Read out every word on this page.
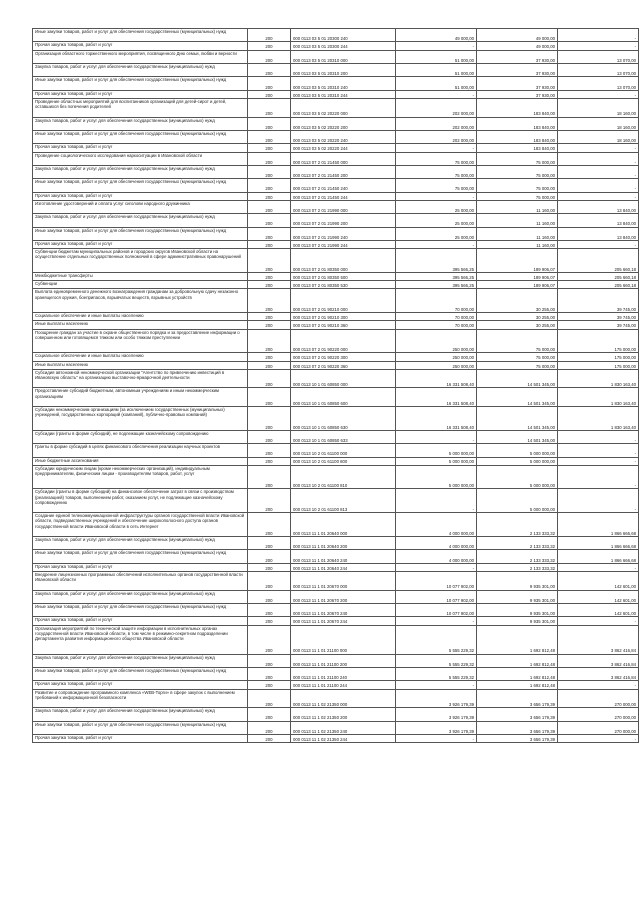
Иные закупки товаров, работ и услуг для обеспечения государственных (муниципальных) нужд	200	000 0113 03 5 01 20300 240	49 000,00	49 000,00	-
Прочая закупка товаров, работ и услуг	200	000 0113 03 5 01 20300 244	-	49 000,00	-
Организация областного торжественного мероприятия, посвященного Дню семьи, любви и верности	200	000 0113 03 5 01 20310 000	51 000,00	37 930,00	13 070,00
Закупка товаров, работ и услуг для обеспечения государственных (муниципальных) нужд	200	000 0113 03 5 01 20310 200	51 000,00	37 930,00	13 070,00
Иные закупки товаров, работ и услуг для обеспечения государственных (муниципальных) нужд	200	000 0113 03 5 01 20310 240	51 000,00	37 930,00	13 070,00
Прочая закупка товаров, работ и услуг	200	000 0113 03 5 01 20310 244	-	37 930,00	-
Проведение областных мероприятий для воспитанников организаций для детей-сирот и детей, оставшихся без попечения родителей	200	000 0113 03 5 02 20220 000	202 000,00	183 840,00	18 160,00
Закупка товаров, работ и услуг для обеспечения государственных (муниципальных) нужд	200	000 0113 03 5 02 20220 200	202 000,00	183 840,00	18 160,00
Иные закупки товаров, работ и услуг для обеспечения государственных (муниципальных) нужд	200	000 0113 03 5 02 20220 240	202 000,00	183 840,00	18 160,00
Прочая закупка товаров, работ и услуг	200	000 0113 03 5 02 20220 244	-	183 840,00	-
Проведение социологического исследования наркоситуации в Ивановской области	200	000 0113 07 2 01 21450 000	75 000,00	75 000,00	-
Закупка товаров, работ и услуг для обеспечения государственных (муниципальных) нужд	200	000 0113 07 2 01 21450 200	75 000,00	75 000,00	-
Иные закупки товаров, работ и услуг для обеспечения государственных (муниципальных) нужд	200	000 0113 07 2 01 21450 240	75 000,00	75 000,00	-
Прочая закупка товаров, работ и услуг	200	000 0113 07 2 01 21450 244	-	75 000,00	-
Изготовление удостоверений и оплата услуг сиголови народного дружинника	200	000 0113 07 2 01 21990 000	25 000,00	11 160,00	13 840,00
Закупка товаров, работ и услуг для обеспечения государственных (муниципальных) нужд	200	000 0113 07 2 01 21990 200	25 000,00	11 160,00	13 840,00
Иные закупки товаров, работ и услуг для обеспечения государственных (муниципальных) нужд	200	000 0113 07 2 01 21990 240	25 000,00	11 160,00	13 840,00
Прочая закупка товаров, работ и услуг	200	000 0113 07 2 01 21990 244	-	11 160,00	-
Субвенции бюджетам муниципальных районов и городских округов Ивановской области на осуществление отдельных государственных полномочий в сфере административных правонарушений	200	000 0113 07 2 01 80350 000	395 566,25	189 906,07	205 660,18
Межбюджетные трансферты	200	000 0113 07 2 01 80350 500	395 566,25	189 906,07	205 660,18
Субвенции	200	000 0113 07 2 01 80350 530	395 566,25	189 906,07	205 660,18
Выплата единовременного денежного вознаграждения гражданам за добровольную сдачу незаконно хранящегося оружия, боеприпасов, взрывчатых веществ, взрывных устройств	200	000 0113 07 2 01 90210 000	70 000,00	30 255,00	39 745,00
Социальное обеспечение и иные выплаты населению	200	000 0113 07 2 01 90210 300	70 000,00	30 255,00	39 745,00
Иные выплаты населению	200	000 0113 07 2 01 90210 360	70 000,00	30 255,00	39 745,00
Поощрение граждан за участие в охране общественного порядка и за предоставление информации о совершенном или готовящемся тяжком или особо тяжком преступлении	200	000 0113 07 2 01 90220 000	250 000,00	75 000,00	175 000,00
Социальное обеспечение и иные выплаты населению	200	000 0113 07 2 01 90220 300	250 000,00	75 000,00	175 000,00
Иные выплаты населению	200	000 0113 07 2 01 90220 360	250 000,00	75 000,00	175 000,00
Субсидия автономной некоммерческой организации "Агентство по привлечению инвестиций в Ивановскую область" на организацию выставочно-ярмарочной деятельности	200	000 0113 10 1 01 60850 000	16 331 508,40	14 501 345,00	1 830 163,40
Предоставление субсидий бюджетным, автономным учреждениям и иным некоммерческим организациям	200	000 0113 10 1 01 60850 600	16 331 508,40	14 501 345,00	1 830 163,40
Субсидии некоммерческим организациям (за исключением государственных (муниципальных) учреждений, государственных корпораций (компаний), публично-правовых компаний)	200	000 0113 10 1 01 60850 630	16 331 508,40	14 501 345,00	1 830 163,40
Субсидии (гранты в форме субсидий), не подлежащие казначейскому сопровождению	200	000 0113 10 1 01 60850 633	-	14 501 345,00	-
Гранты в форме субсидий в целях финансового обеспечения реализации научных проектов	200	000 0113 10 2 01 61100 000	5 000 000,00	5 000 000,00	-
Иные бюджетные ассигнования	200	000 0113 10 2 01 61100 800	5 000 000,00	5 000 000,00	-
Субсидии юридическим лицам (кроме некоммерческих организаций), индивидуальным предпринимателям, физическим лицам - производителям товаров, работ, услуг	200	000 0113 10 2 01 61100 810	5 000 000,00	5 000 000,00	-
Субсидии (гранты в форме субсидий) на финансовое обеспечение затрат в связи с производством (реализацией) товаров, выполнением работ, оказанием услуг, не подлежащие казначейскому сопровождению	200	000 0113 10 2 01 61100 813	-	5 000 000,00	-
Создание единой телекоммуникационной инфраструктуры органов государственной власти Ивановской области, подведомственных учреждений и обеспечение широкополосного доступа органов государственной власти Ивановской области в сеть Интернет	200	000 0113 11 1 01 20640 000	4 000 000,00	2 133 333,32	1 866 666,68
Закупка товаров, работ и услуг для обеспечения государственных (муниципальных) нужд	200	000 0113 11 1 01 20640 200	4 000 000,00	2 133 333,32	1 866 666,68
Иные закупки товаров, работ и услуг для обеспечения государственных (муниципальных) нужд	200	000 0113 11 1 01 20640 240	4 000 000,00	2 133 333,32	1 866 666,68
Прочая закупка товаров, работ и услуг	200	000 0113 11 1 01 20640 244	-	2 133 333,32	-
Внедрение лицензионных программных обеспечений исполнительных органов государственной власти Ивановской области	200	000 0113 11 1 01 20670 000	10 077 902,00	9 935 301,00	142 601,00
Закупка товаров, работ и услуг для обеспечения государственных (муниципальных) нужд	200	000 0113 11 1 01 20670 200	10 077 902,00	9 935 301,00	142 601,00
Иные закупки товаров, работ и услуг для обеспечения государственных (муниципальных) нужд	200	000 0113 11 1 01 20670 240	10 077 902,00	9 935 301,00	142 601,00
Прочая закупка товаров, работ и услуг	200	000 0113 11 1 01 20670 244	-	9 935 301,00	-
Организация мероприятий по технической защите информации в исполнительных органах государственной власти Ивановской области, в том числе в режимно-секретном подразделении Департамента развития информационного общества Ивановской области	200	000 0113 11 1 01 21100 000	5 555 229,32	1 692 812,48	3 862 416,84
Закупка товаров, работ и услуг для обеспечения государственных (муниципальных) нужд	200	000 0113 11 1 01 21100 200	5 555 229,32	1 692 812,48	3 862 416,84
Иные закупки товаров, работ и услуг для обеспечения государственных (муниципальных) нужд	200	000 0113 11 1 01 21100 240	5 555 229,32	1 692 812,48	3 862 416,84
Прочая закупка товаров, работ и услуг	200	000 0113 11 1 01 21100 244	-	1 692 812,48	-
Развитие и сопровождение программного комплекса «WEB-Торги» в сфере закупок с выполнением требований к информационной безопасности	200	000 0113 11 1 02 21350 000	3 926 179,39	3 656 179,39	270 000,00
Закупка товаров, работ и услуг для обеспечения государственных (муниципальных) нужд	200	000 0113 11 1 02 21350 200	3 926 179,39	3 656 179,39	270 000,00
Иные закупки товаров, работ и услуг для обеспечения государственных (муниципальных) нужд	200	000 0113 11 1 02 21350 240	3 926 179,39	3 656 179,39	270 000,00
Прочая закупка товаров, работ и услуг	200	000 0113 11 1 02 21350 244	-	3 656 179,39	-
